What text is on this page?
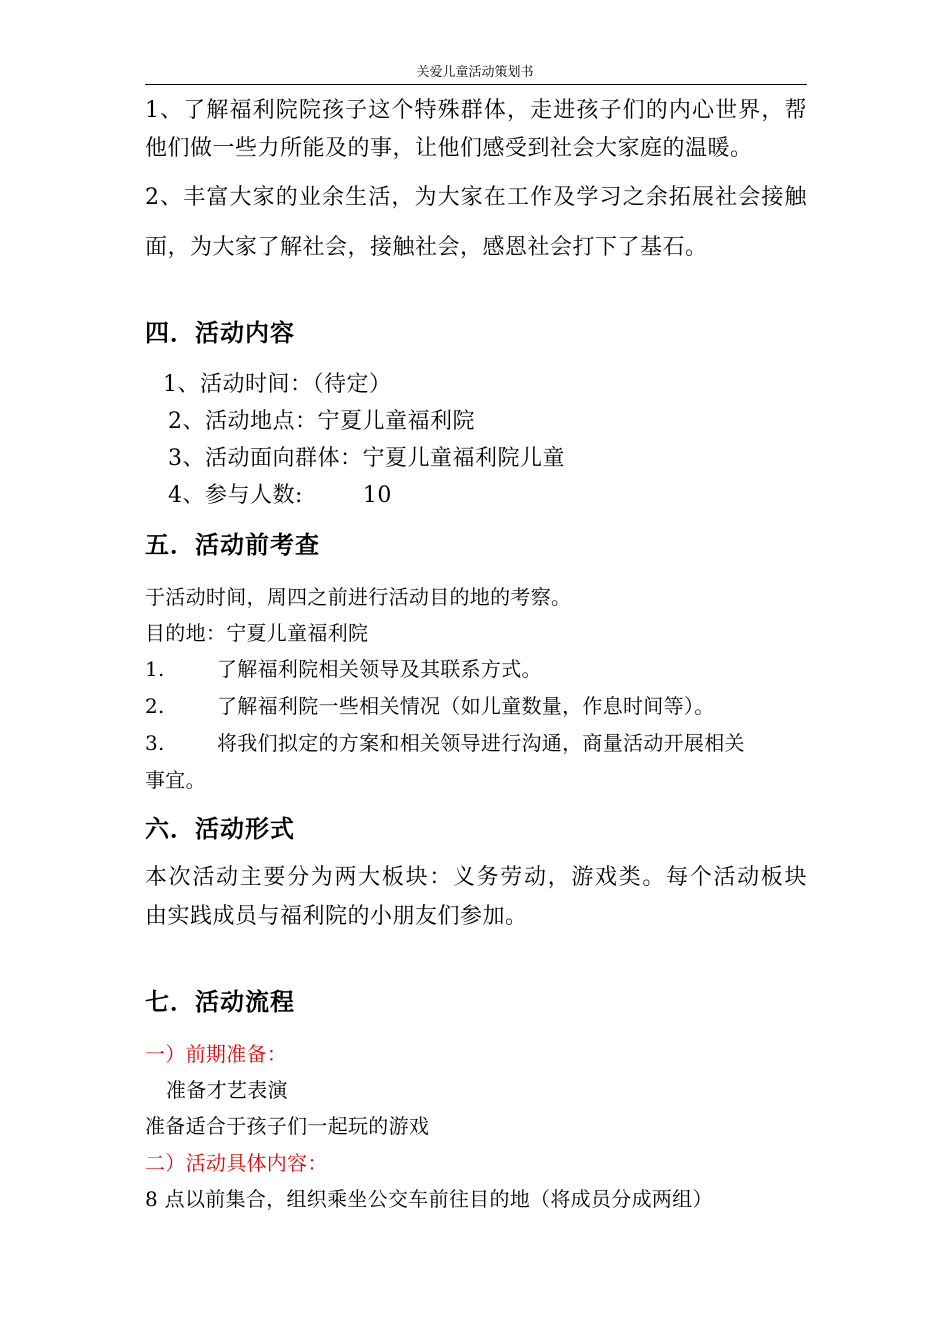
关爱儿童活动策划书
1、了解福利院院孩子这个特殊群体，走进孩子们的内心世界，帮
他们做一些力所能及的事，让他们感受到社会大家庭的温暖。
2、丰富大家的业余生活，为大家在工作及学习之余拓展社会接触
面，为大家了解社会，接触社会，感恩社会打下了基石。
四．活动内容
1、活动时间：（待定）
2、活动地点：宁夏儿童福利院
3、活动面向群体：宁夏儿童福利院儿童
4、参与人数:        10
五．活动前考查
于活动时间，周四之前进行活动目的地的考察。
目的地：宁夏儿童福利院
1.	了解福利院相关领导及其联系方式。
2.	了解福利院一些相关情况（如儿童数量，作息时间等）。
3.	将我们拟定的方案和相关领导进行沟通，商量活动开展相关
事宜。
六．活动形式
本次活动主要分为两大板块：义务劳动，游戏类。每个活动板块
由实践成员与福利院的小朋友们参加。
七．活动流程
一）前期准备：
准备才艺表演
准备适合于孩子们一起玩的游戏
二）活动具体内容：
8 点以前集合，组织乘坐公交车前往目的地（将成员分成两组）
